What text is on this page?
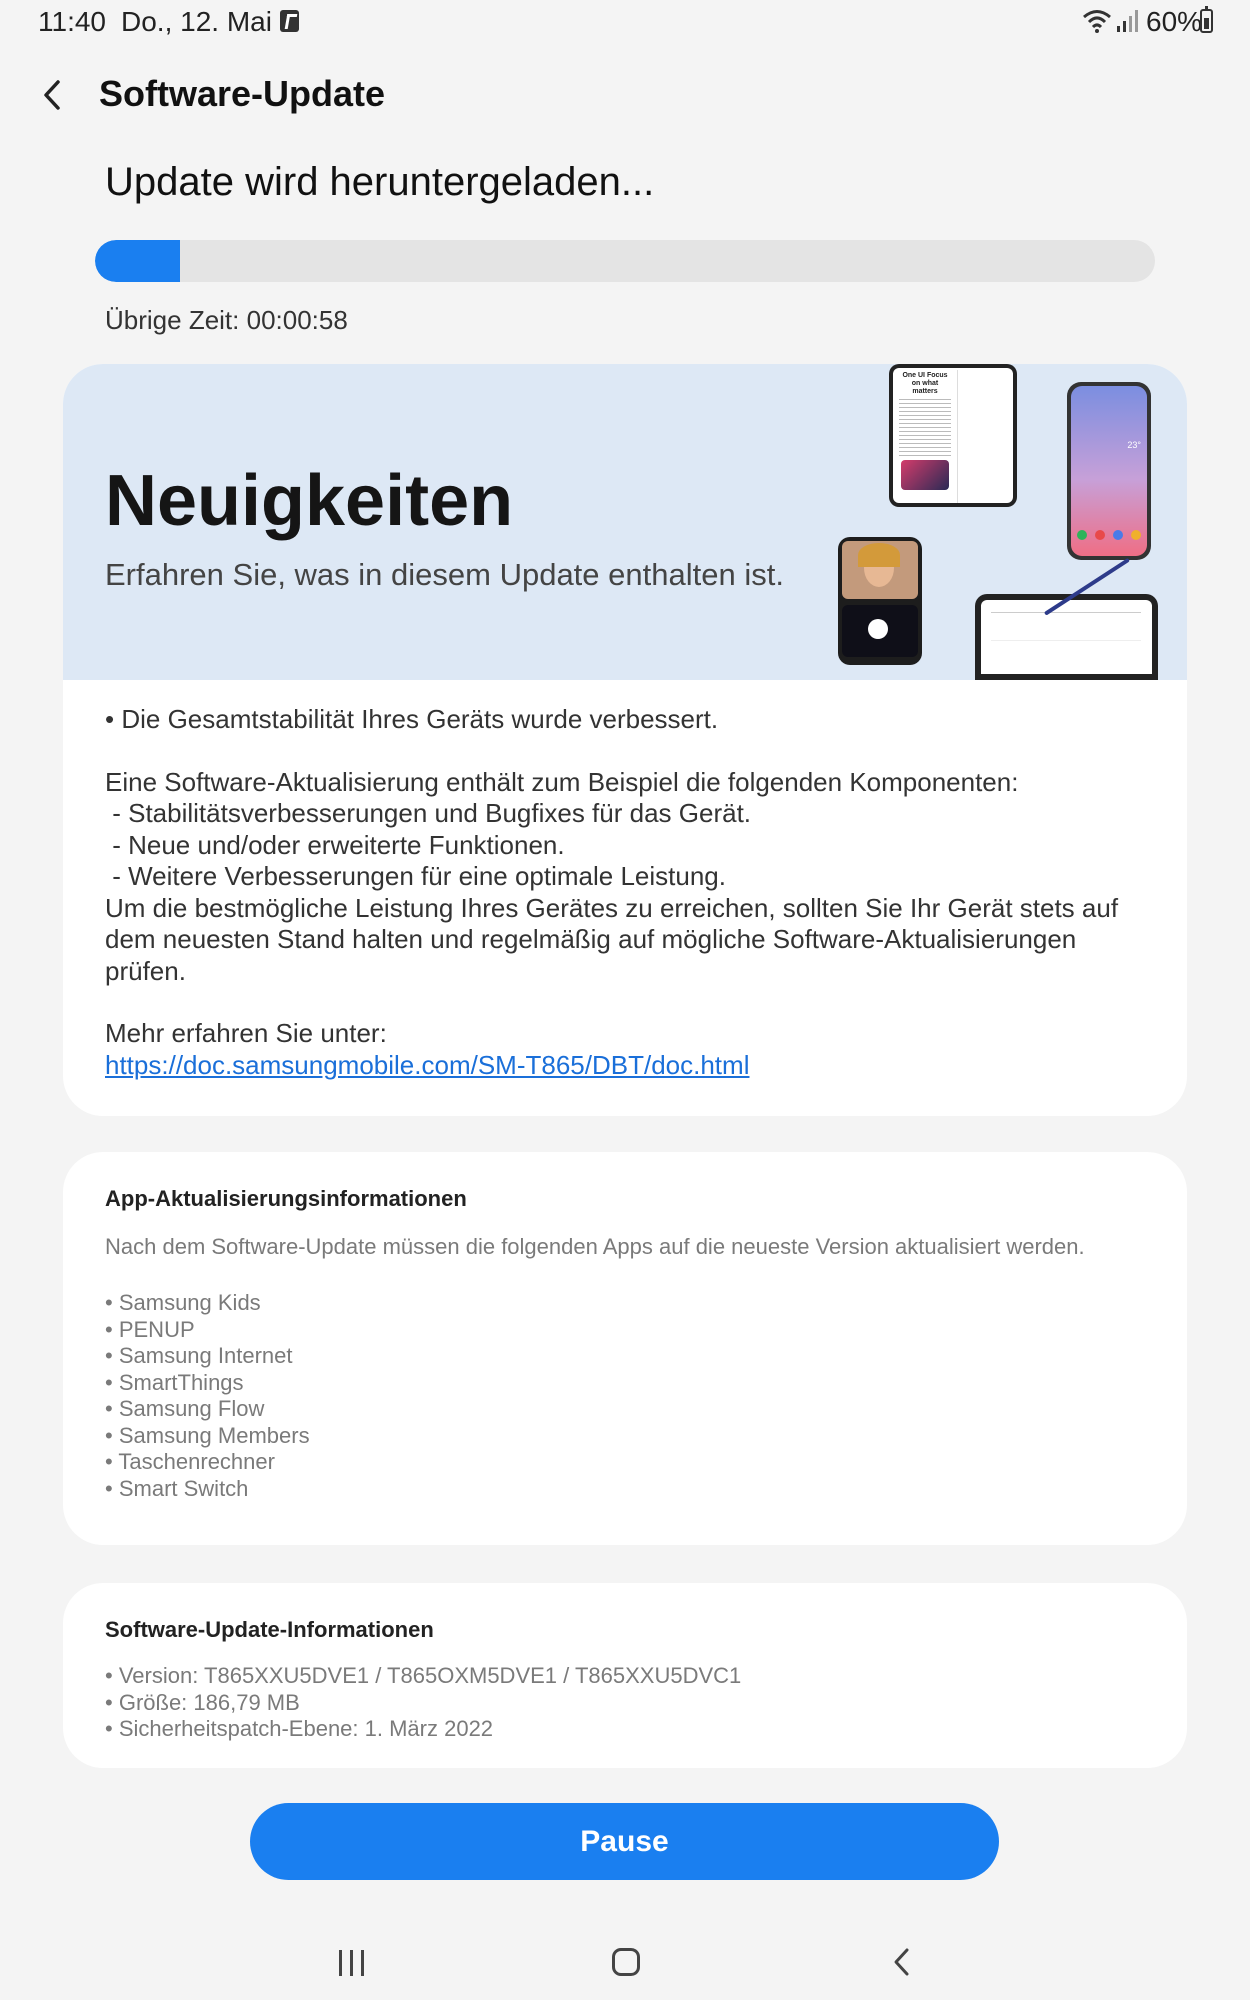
11:40 Do., 12. Mai	60%
Software-Update
Update wird heruntergeladen...
Übrige Zeit: 00:00:58
Neuigkeiten
Erfahren Sie, was in diesem Update enthalten ist.
One UI Focus on what matters
23°
• Die Gesamtstabilität Ihres Geräts wurde verbessert.
Eine Software-Aktualisierung enthält zum Beispiel die folgenden Komponenten:
- Stabilitätsverbesserungen und Bugfixes für das Gerät.
- Neue und/oder erweiterte Funktionen.
- Weitere Verbesserungen für eine optimale Leistung.
Um die bestmögliche Leistung Ihres Gerätes zu erreichen, sollten Sie Ihr Gerät stets auf dem neuesten Stand halten und regelmäßig auf mögliche Software-Aktualisierungen prüfen.
Mehr erfahren Sie unter:
https://doc.samsungmobile.com/SM-T865/DBT/doc.html
App-Aktualisierungsinformationen
Nach dem Software-Update müssen die folgenden Apps auf die neueste Version aktualisiert werden.
• Samsung Kids
• PENUP
• Samsung Internet
• SmartThings
• Samsung Flow
• Samsung Members
• Taschenrechner
• Smart Switch
Software-Update-Informationen
• Version: T865XXU5DVE1 / T865OXM5DVE1 / T865XXU5DVC1
• Größe: 186,79 MB
• Sicherheitspatch-Ebene: 1. März 2022
Pause
